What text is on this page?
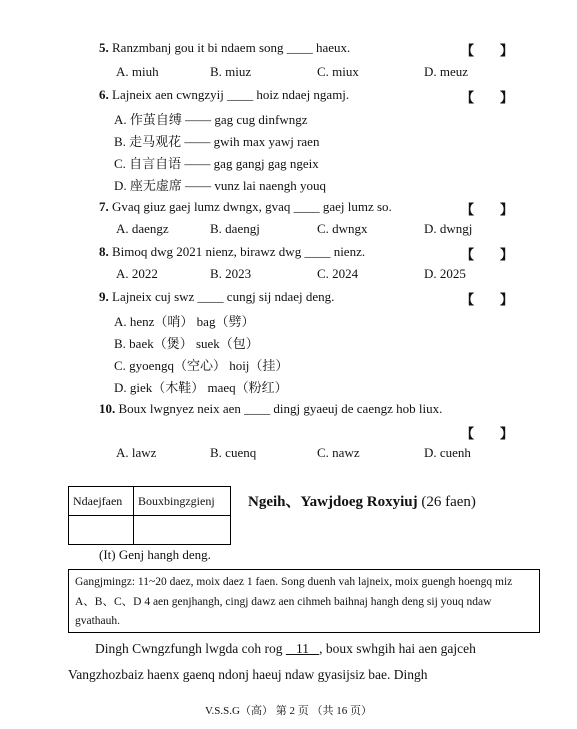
5. Ranzmbanj gou it bi ndaem song ____ haeux.	【　　】
A. miuh	B. miuz	C. miux	D. meuz
6. Lajneix aen cwngzyij ____ hoiz ndaej ngamj.	【　　】
A. 作茧自缚 —— gag cug dinfwngz
B. 走马观花 —— gwih max yawj raen
C. 自言自语 —— gag gangj gag ngeix
D. 座无虚席 —— vunz lai naengh youq
7. Gvaq giuz gaej lumz dwngx, gvaq ____ gaej lumz so.	【　　】
A. daengz	B. daengj	C. dwngx	D. dwngj
8. Bimoq dwg 2021 nienz, birawz dwg ____ nienz.	【　　】
A. 2022	B. 2023	C. 2024	D. 2025
9. Lajneix cuj swz ____ cungj sij ndaej deng.	【　　】
A. henz（哨） bag（劈）
B. baek（煲） suek（包）
C. gyoengq（空心） hoij（挂）
D. giek（木鞋） maeq（粉红）
10. Boux lwgnyez neix aen ____ dingj gyaeuj de caengz hob liux.
【　　】
A. lawz	B. cuenq	C. nawz	D. cuenh
Ndaejfaen	Bouxbingzgienj
	Ngeih、Yawjdoeg Roxyiuj (26 faen)
(It) Genj hangh deng.
Gangjmingz: 11~20 daez, moix daez 1 faen. Song duenh vah lajneix, moix guengh hoengq miz A、B、C、D 4 aen genjhangh, cingj dawz aen cihmeh baihnaj hangh deng sij youq ndaw gvathauh.
Dingh Cwngzfungh lwgda coh rog    11 , boux swhgih hai aen gajceh Vangzhozbaiz haenx gaenq ndonj haeuj ndaw gyasijsiz bae. Dingh
V.S.S.G（高） 第 2 页 （共 16 页）
